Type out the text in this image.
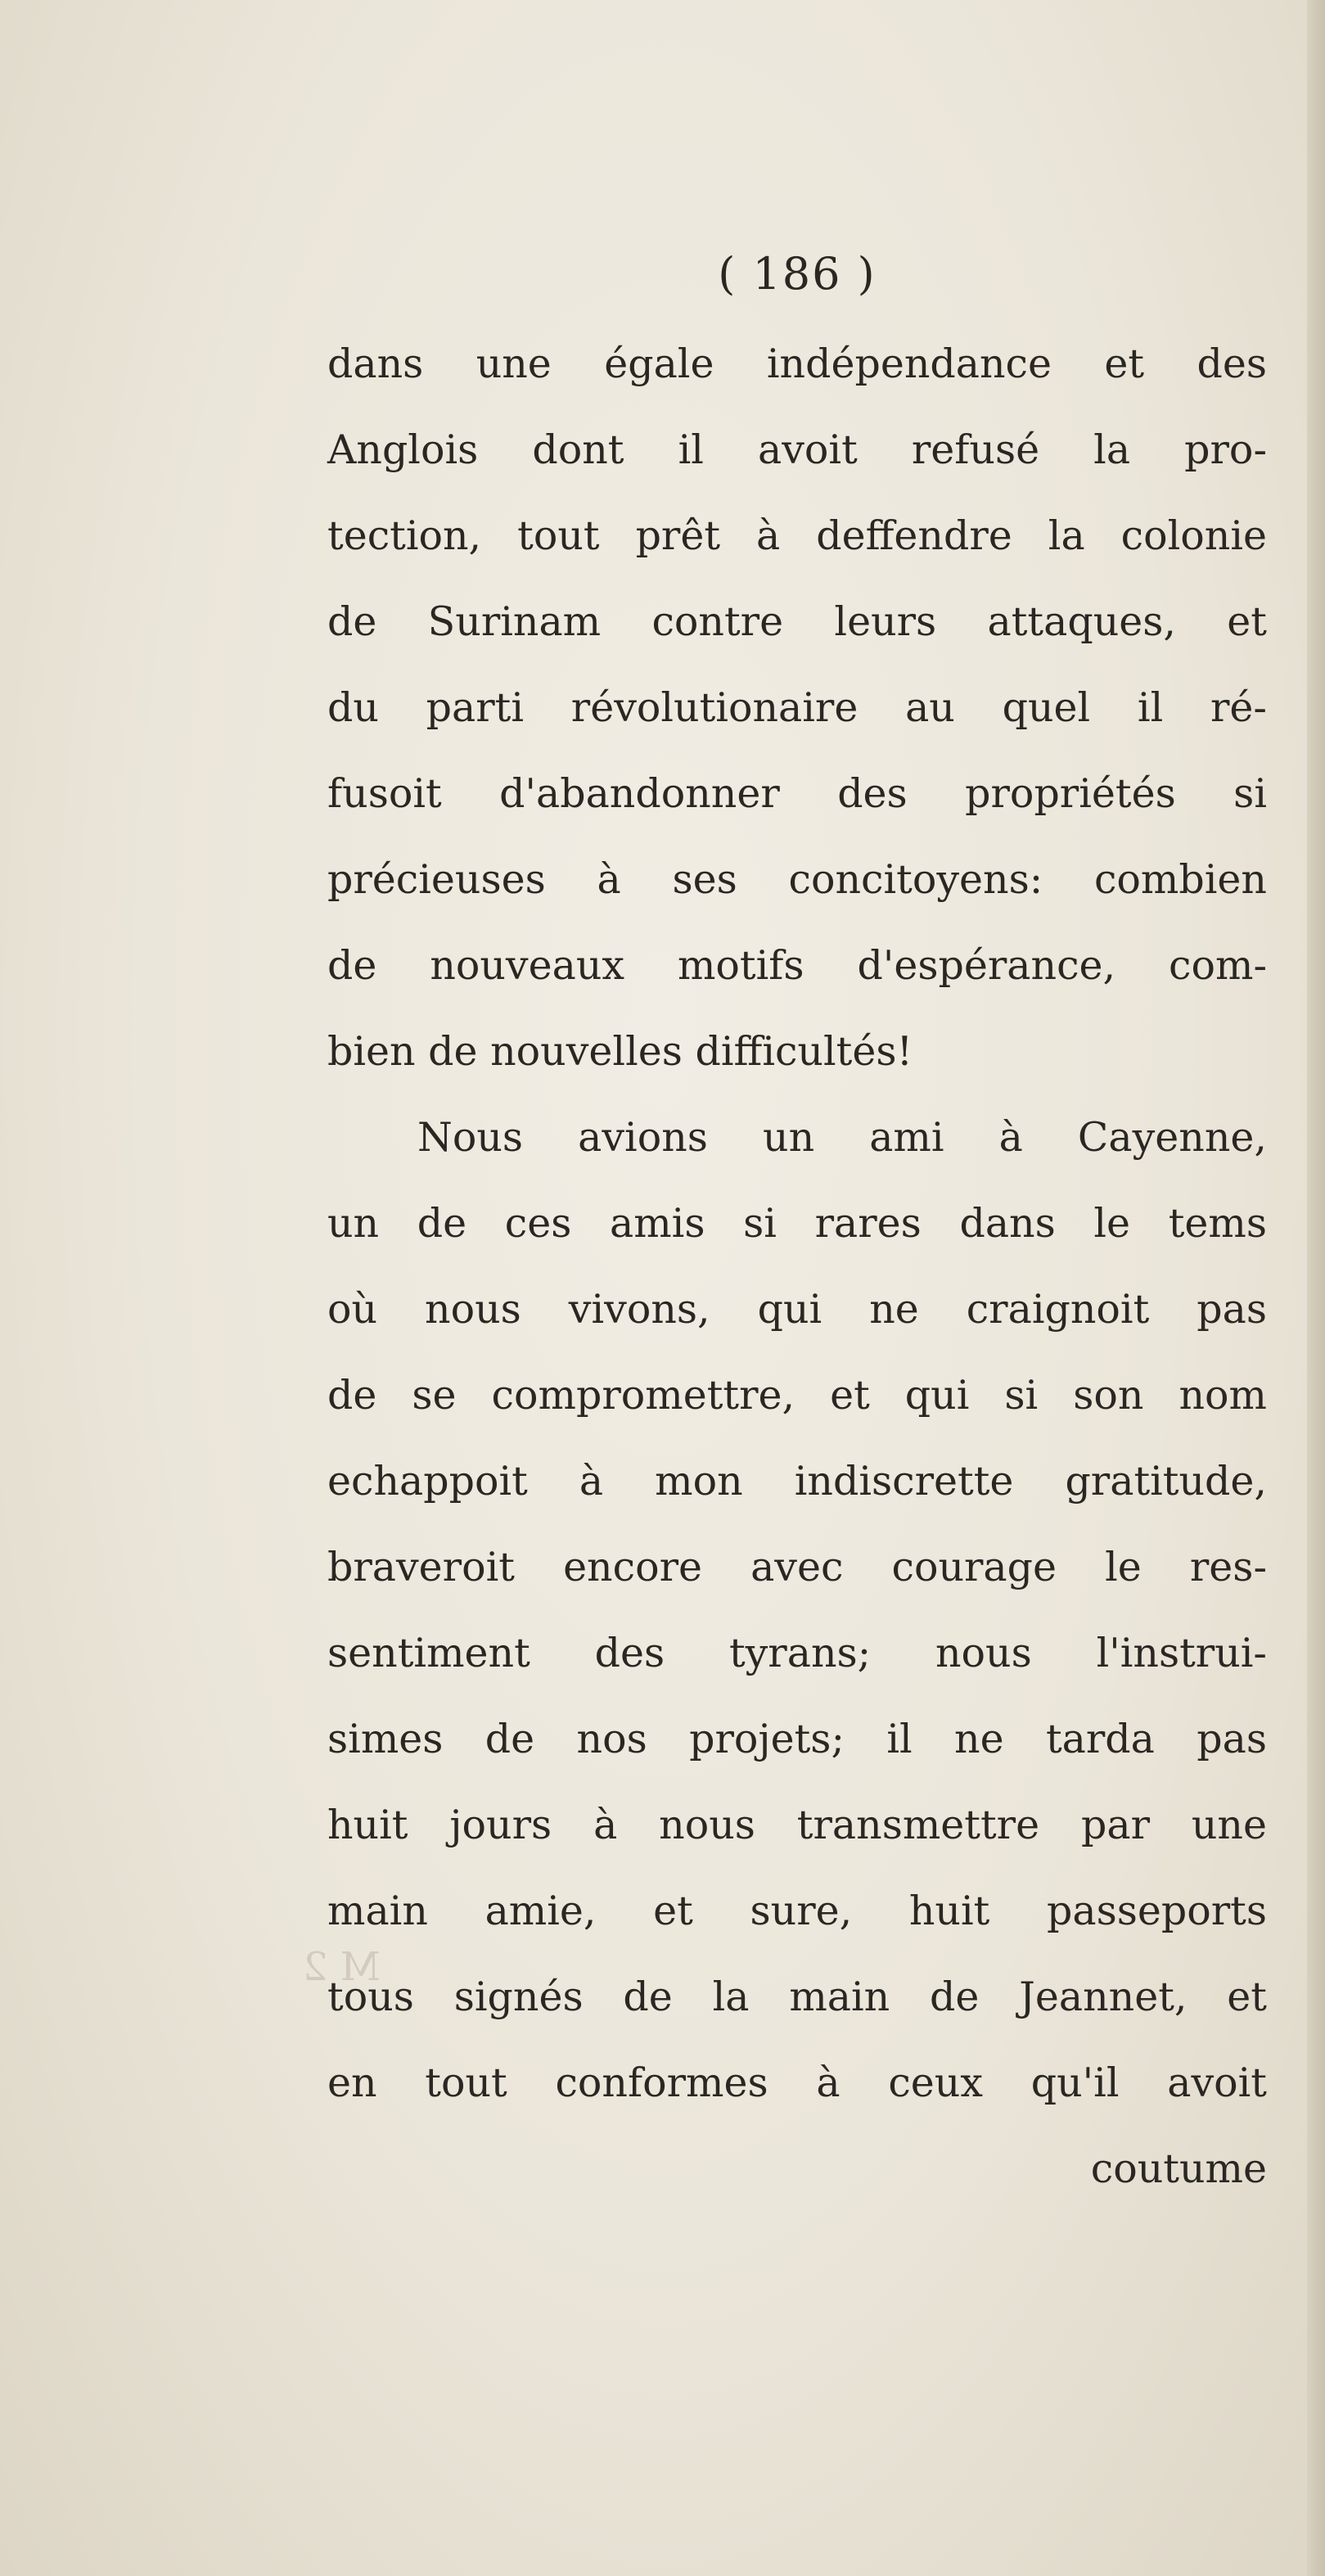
M 2
( 186 )
dans une égale indépendance et des
Anglois dont il avoit refusé la pro-
tection, tout prêt à deffendre la colonie
de Surinam contre leurs attaques, et
du parti révolutionaire au quel il ré-
fusoit d'abandonner des propriétés si
précieuses à ses concitoyens: combien
de nouveaux motifs d'espérance, com-
bien de nouvelles difficultés!
Nous avions un ami à Cayenne,
un de ces amis si rares dans le tems
où nous vivons, qui ne craignoit pas
de se compromettre, et qui si son nom
echappoit à mon indiscrette gratitude,
braveroit encore avec courage le res-
sentiment des tyrans; nous l'instrui-
simes de nos projets; il ne tarda pas
huit jours à nous transmettre par une
main amie, et sure, huit passeports
tous signés de la main de Jeannet, et
en tout conformes à ceux qu'il avoit
coutume
